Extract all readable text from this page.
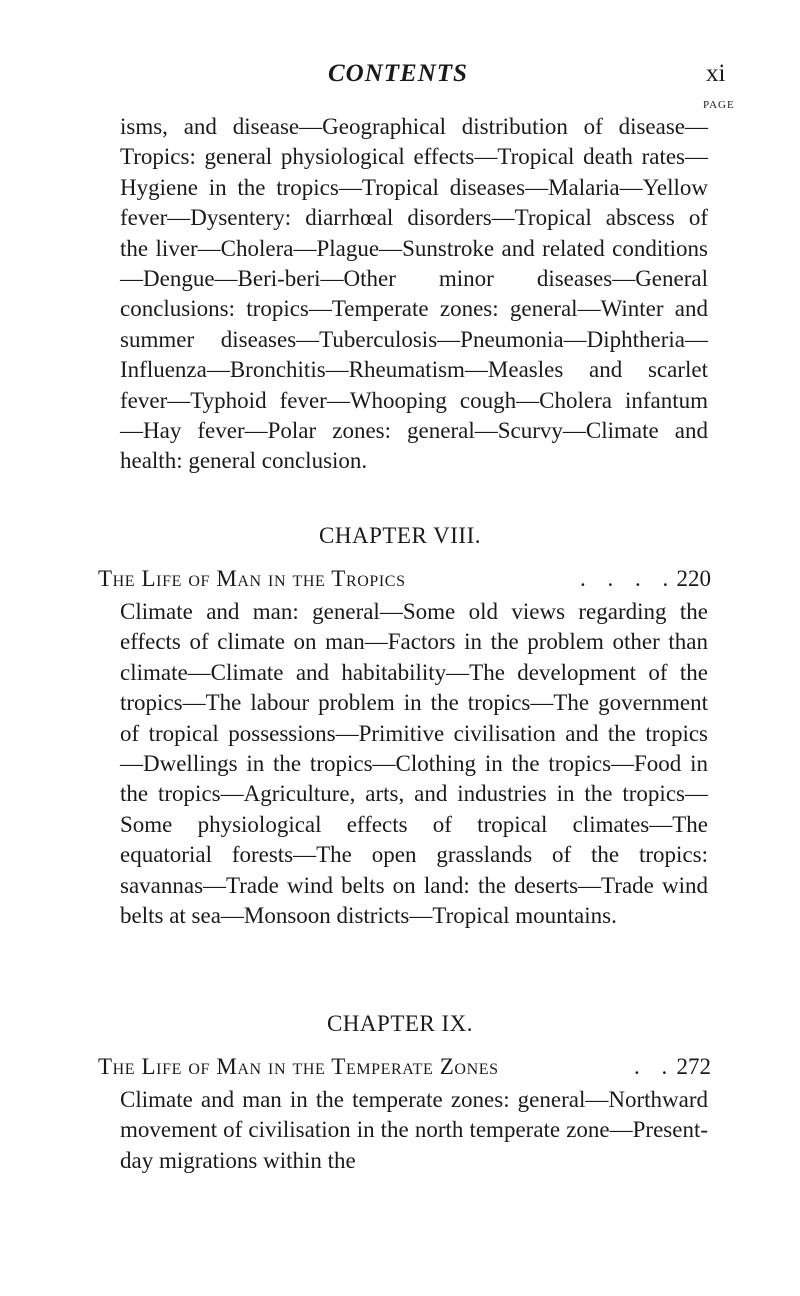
CONTENTS	xi
PAGE
isms, and disease—Geographical distribution of disease—Tropics: general physiological effects—Tropical death rates—Hygiene in the tropics—Tropical diseases—Malaria—Yellow fever—Dysentery: diarrhœal disorders—Tropical abscess of the liver—Cholera—Plague—Sunstroke and related conditions—Dengue—Beri-beri—Other minor diseases—General conclusions: tropics—Temperate zones: general—Winter and summer diseases—Tuberculosis—Pneumonia—Diphtheria—Influenza—Bronchitis—Rheumatism—Measles and scarlet fever—Typhoid fever—Whooping cough—Cholera infantum—Hay fever—Polar zones: general—Scurvy—Climate and health: general conclusion.
CHAPTER VIII.
The Life of Man in the Tropics	. . . . 220
Climate and man: general—Some old views regarding the effects of climate on man—Factors in the problem other than climate—Climate and habitability—The development of the tropics—The labour problem in the tropics—The government of tropical possessions—Primitive civilisation and the tropics—Dwellings in the tropics—Clothing in the tropics—Food in the tropics—Agriculture, arts, and industries in the tropics—Some physiological effects of tropical climates—The equatorial forests—The open grasslands of the tropics: savannas—Trade wind belts on land: the deserts—Trade wind belts at sea—Monsoon districts—Tropical mountains.
CHAPTER IX.
The Life of Man in the Temperate Zones	. . 272
Climate and man in the temperate zones: general—Northward movement of civilisation in the north temperate zone—Present-day migrations within the
